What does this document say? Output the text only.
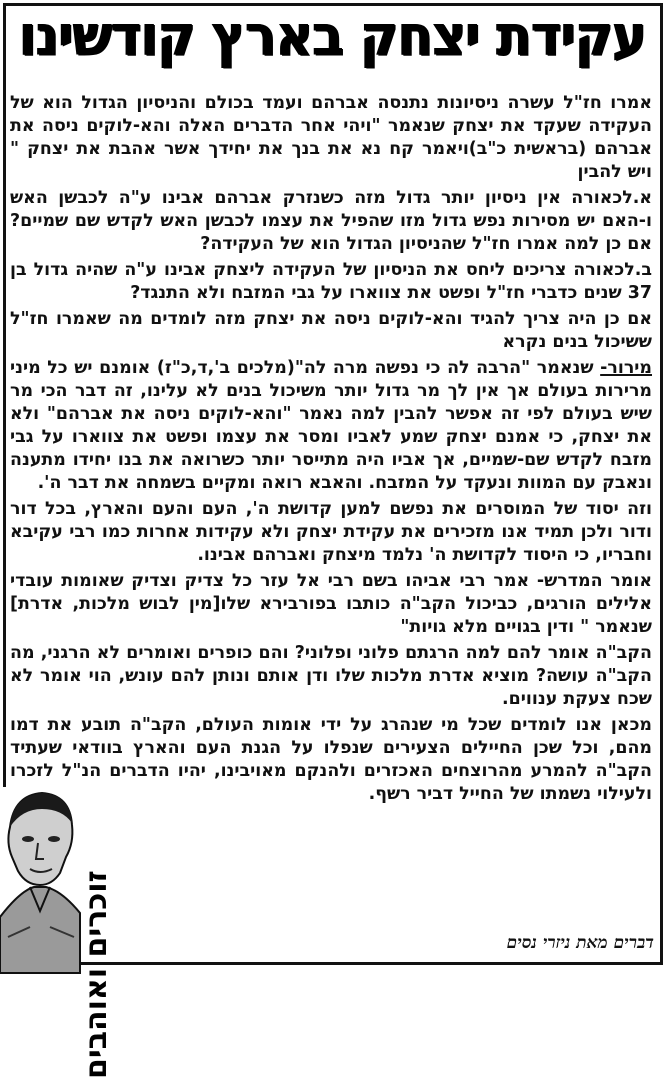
עקידת יצחק בארץ קודשינו

אמרו חז"ל עשרה ניסיונות נתנסה אברהם ועמד בכולם והניסיון הגדול הוא של העקידה שעקד את יצחק שנאמר "ויהי אחר הדברים האלה והא-לוקים ניסה את אברהם (בראשית כ"ב)ויאמר קח נא את בנך את יחידך אשר אהבת את יצחק " ויש להבין

א.לכאורה אין ניסיון יותר גדול מזה כשנזרק אברהם אבינו ע"ה לכבשן האש ו-האם יש מסירות נפש גדול מזו שהפיל את עצמו לכבשן האש לקדש שם שמיים? אם כן למה אמרו חז"ל שהניסיון הגדול הוא של העקידה?

ב.לכאורה צריכים ליחס את הניסיון של העקידה ליצחק אבינו ע"ה שהיה גדול בן 37 שנים כדברי חז"ל ופשט את צווארו על גבי המזבח ולא התנגד?

אם כן היה צריך להגיד והא-לוקים ניסה את יצחק מזה לומדים מה שאמרו חז"ל ששיכול בנים נקרא

מירור- שנאמר "הרבה לה כי נפשה מרה לה"(מלכים ב',ד,כ"ז) אומנם יש כל מיני מרירות בעולם אך אין לך מר גדול יותר משיכול בנים לא עלינו, זה דבר הכי מר שיש בעולם לפי זה אפשר להבין למה נאמר "והא-לוקים ניסה את אברהם" ולא את יצחק, כי אמנם יצחק שמע לאביו ומסר את עצמו ופשט את צווארו על גבי מזבח לקדש שם-שמיים, אך אביו היה מתייסר יותר כשרואה את בנו יחידו מתענה ונאבק עם המוות ונעקד על המזבח. והאבא רואה ומקיים בשמחה את דבר ה'.

וזה יסוד של המוסרים את נפשם למען קדושת ה', העם והעם והארץ, בכל דור ודור ולכן תמיד אנו מזכירים את עקידת יצחק ולא עקידות אחרות כמו רבי עקיבא וחבריו, כי היסוד לקדושת ה' נלמד מיצחק ואברהם אבינו.

אומר המדרש- אמר רבי אביהו בשם רבי אל עזר כל צדיק וצדיק שאומות עובדי אלילים הורגים, כביכול הקב"ה כותבו בפורבירא שלו[מין לבוש מלכות, אדרת] שנאמר " ודין בגויים מלא גויות"

הקב"ה אומר להם למה הרגתם פלוני ופלוני? והם כופרים ואומרים לא הרגני, מה הקב"ה עושה? מוציא אדרת מלכות שלו ודן אותם ונותן להם עונש, הוי אומר לא שכח צעקת ענווים.

מכאן אנו לומדים שכל מי שנהרג על ידי אומות העולם, הקב"ה תובע את דמו מהם, וכל שכן החיילים הצעירים שנפלו על הגנת העם והארץ בוודאי שעתיד הקב"ה להמרע מהרוצחים האכזרים ולהנקם מאויבינו, יהיו הדברים הנ"ל לזכרו ולעילוי נשמתו של החייל דביר רשף.

זוכרים ואוהבים	דברים מאת ניזרי נסים
